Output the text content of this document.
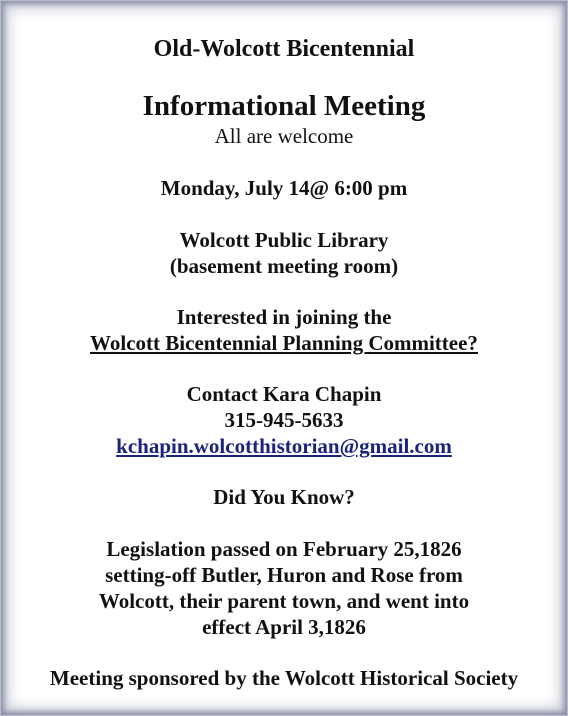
Old-Wolcott Bicentennial
Informational Meeting
All are welcome
Monday, July 14@ 6:00 pm
Wolcott Public Library
(basement meeting room)
Interested in joining the
Wolcott Bicentennial Planning Committee?
Contact Kara Chapin
315-945-5633
kchapin.wolcotthistorian@gmail.com
Did You Know?
Legislation passed on February 25,1826
setting-off Butler, Huron and Rose from
Wolcott, their parent town, and went into
effect April 3,1826
Meeting sponsored by the Wolcott Historical Society
